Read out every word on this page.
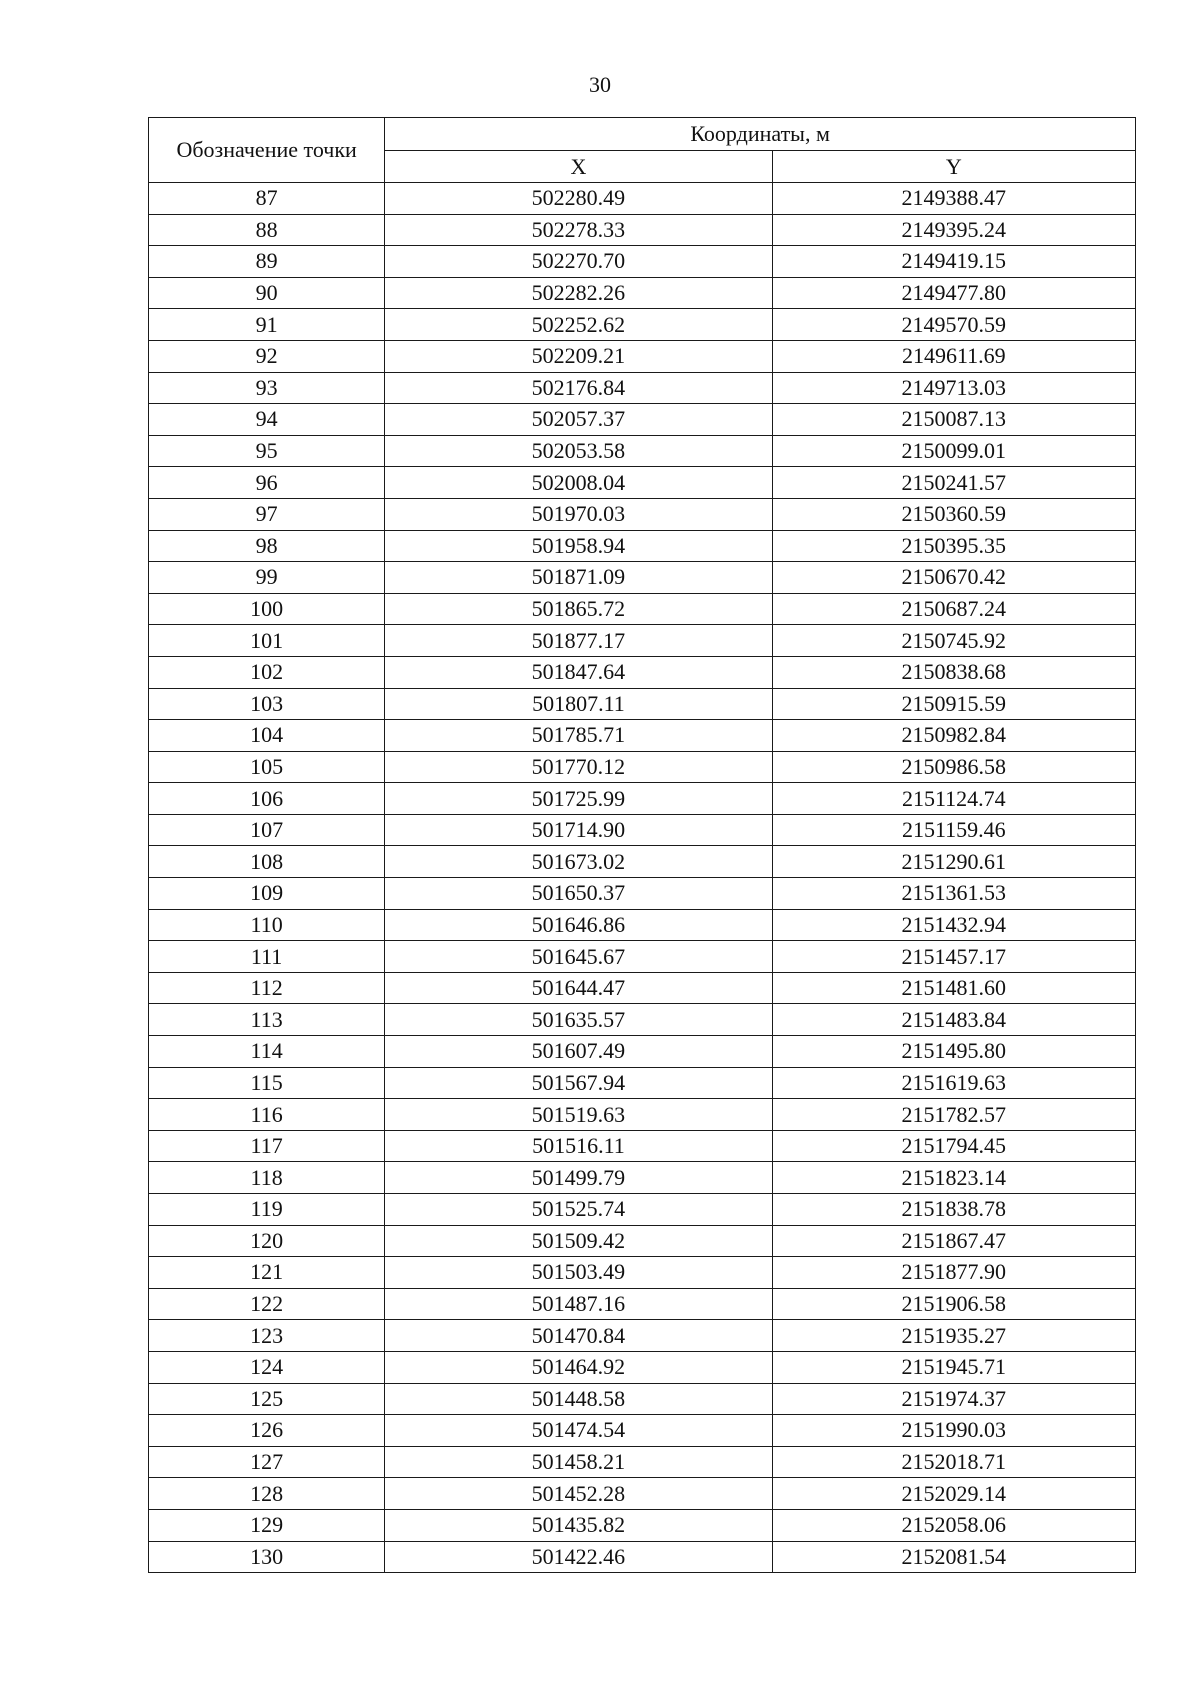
30
Обозначение точки	Координаты, м	
	X	Y
87	502280.49	2149388.47
88	502278.33	2149395.24
89	502270.70	2149419.15
90	502282.26	2149477.80
91	502252.62	2149570.59
92	502209.21	2149611.69
93	502176.84	2149713.03
94	502057.37	2150087.13
95	502053.58	2150099.01
96	502008.04	2150241.57
97	501970.03	2150360.59
98	501958.94	2150395.35
99	501871.09	2150670.42
100	501865.72	2150687.24
101	501877.17	2150745.92
102	501847.64	2150838.68
103	501807.11	2150915.59
104	501785.71	2150982.84
105	501770.12	2150986.58
106	501725.99	2151124.74
107	501714.90	2151159.46
108	501673.02	2151290.61
109	501650.37	2151361.53
110	501646.86	2151432.94
111	501645.67	2151457.17
112	501644.47	2151481.60
113	501635.57	2151483.84
114	501607.49	2151495.80
115	501567.94	2151619.63
116	501519.63	2151782.57
117	501516.11	2151794.45
118	501499.79	2151823.14
119	501525.74	2151838.78
120	501509.42	2151867.47
121	501503.49	2151877.90
122	501487.16	2151906.58
123	501470.84	2151935.27
124	501464.92	2151945.71
125	501448.58	2151974.37
126	501474.54	2151990.03
127	501458.21	2152018.71
128	501452.28	2152029.14
129	501435.82	2152058.06
130	501422.46	2152081.54
